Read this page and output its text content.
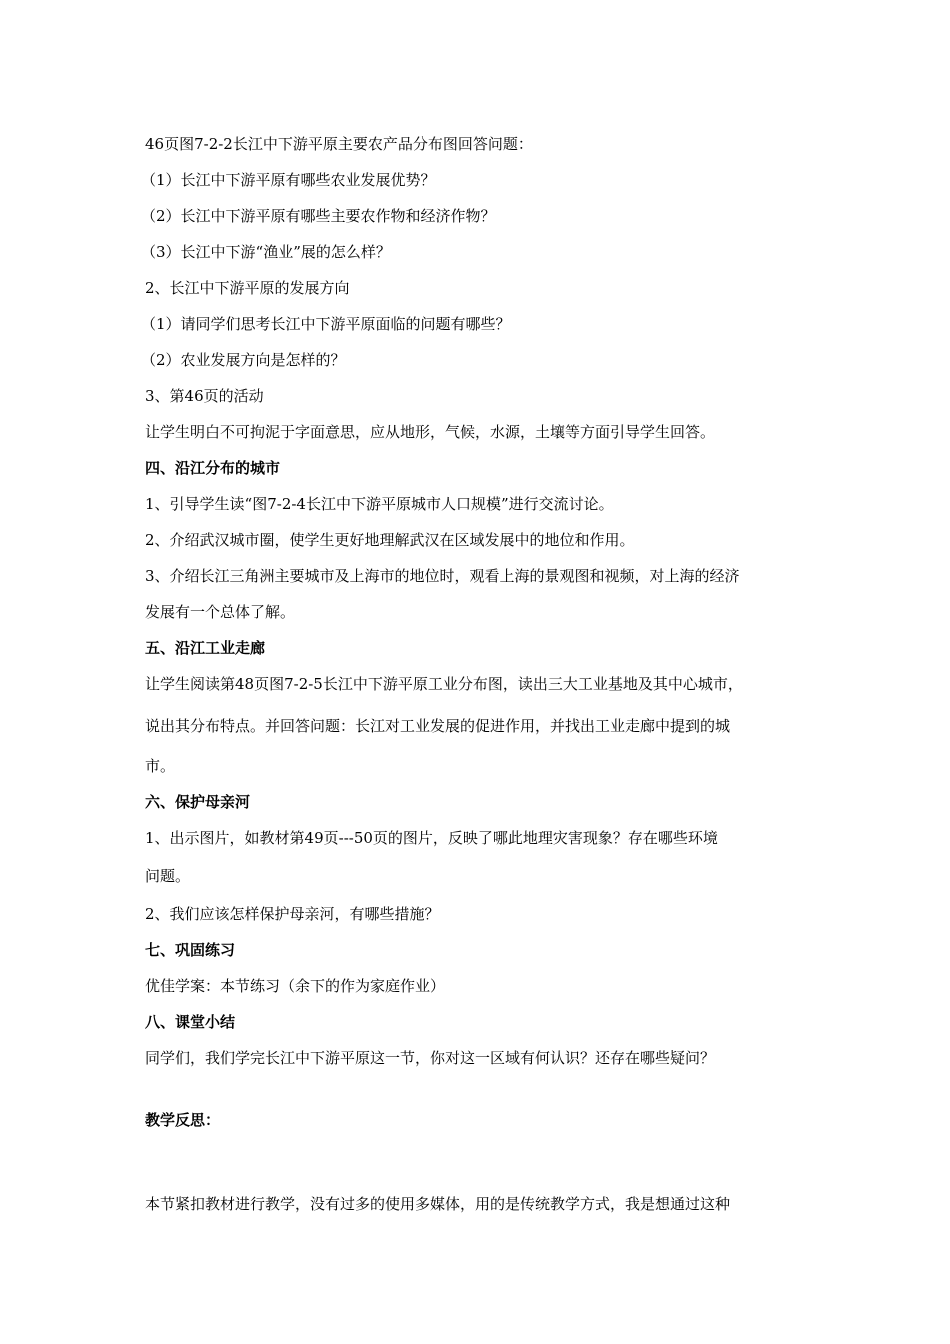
46页图7-2-2长江中下游平原主要农产品分布图回答问题：
（1）长江中下游平原有哪些农业发展优势？
（2）长江中下游平原有哪些主要农作物和经济作物？
（3）长江中下游“渔业”展的怎么样？
2、长江中下游平原的发展方向
（1）请同学们思考长江中下游平原面临的问题有哪些？
（2）农业发展方向是怎样的？
3、第46页的活动
让学生明白不可拘泥于字面意思，应从地形，气候，水源，土壤等方面引导学生回答。
四、沿江分布的城市
1、引导学生读“图7-2-4长江中下游平原城市人口规模”进行交流讨论。
2、介绍武汉城市圈，使学生更好地理解武汉在区域发展中的地位和作用。
3、介绍长江三角洲主要城市及上海市的地位时，观看上海的景观图和视频，对上海的经济
发展有一个总体了解。
五、沿江工业走廊
让学生阅读第48页图7-2-5长江中下游平原工业分布图，读出三大工业基地及其中心城市，
说出其分布特点。并回答问题：长江对工业发展的促进作用，并找出工业走廊中提到的城
市。
六、保护母亲河
1、出示图片，如教材第49页---50页的图片，反映了哪此地理灾害现象？存在哪些环境
问题。
2、我们应该怎样保护母亲河，有哪些措施？
七、巩固练习
优佳学案：本节练习（余下的作为家庭作业）
八、课堂小结
同学们，我们学完长江中下游平原这一节，你对这一区域有何认识？还存在哪些疑问？
教学反思：
本节紧扣教材进行教学，没有过多的使用多媒体，用的是传统教学方式，我是想通过这种
